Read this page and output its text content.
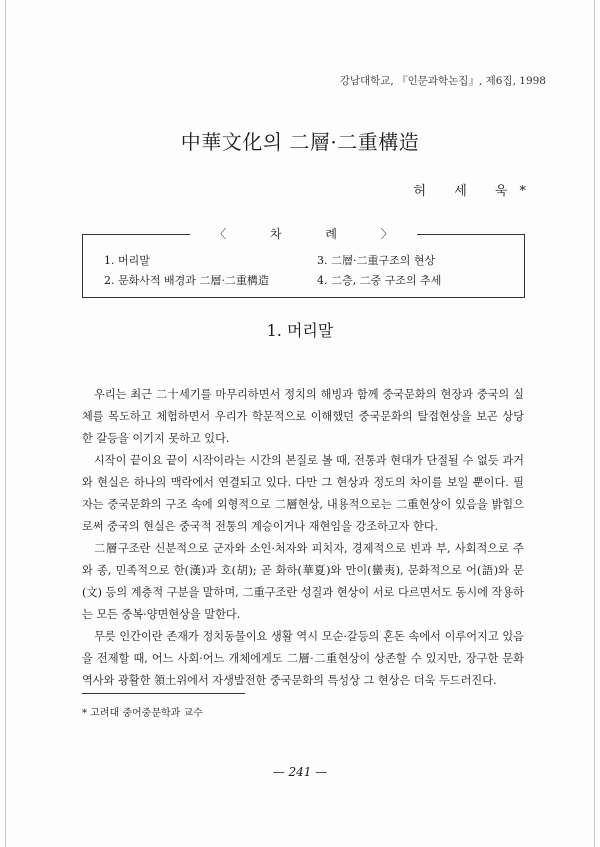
강남대학교, 『인문과학논집』, 제6집, 1998
中華文化의 二層·二重構造
허 세 욱*
〈 차 례 〉
1. 머리말	3. 二層·二重구조의 현상
2. 문화사적 배경과 二層·二重構造	4. 二층, 二중 구조의 추세
1. 머리말

우리는 최근 二十세기를 마무리하면서 정치의 해빙과 함께 중국문화의 현장과 중국의 실체를 목도하고 체험하면서 우리가 학문적으로 이해했던 중국문화의 탈접현상을 보곤 상당한 갈등을 이기지 못하고 있다.

시작이 끝이요 끝이 시작이라는 시간의 본질로 볼 때, 전통과 현대가 단절될 수 없듯 과거와 현실은 하나의 맥락에서 연결되고 있다. 다만 그 현상과 정도의 차이를 보일 뿐이다. 필자는 중국문화의 구조 속에 외형적으로 二層현상, 내용적으로는 二重현상이 있음을 밝힘으로써 중국의 현실은 중국적 전통의 계승이거나 재현임을 강조하고자 한다.

二層구조란 신분적으로 군자와 소인·처자와 피치자, 경제적으로 빈과 부, 사회적으로 주와 종, 민족적으로 한(漢)과 호(胡); 곧 화하(華夏)와 만이(蠻夷), 문화적으로 어(語)와 문(文) 등의 계층적 구분을 말하며, 二重구조란 성질과 현상이 서로 다르면서도 동시에 작용하는 모든 중복·양면현상을 말한다.

무릇 인간이란 존재가 정치동물이요 생활 역시 모순·갈등의 혼돈 속에서 이루어지고 있음을 전제할 때, 어느 사회·어느 개체에게도 二層·二重현상이 상존할 수 있지만, 장구한 문화 역사와 광활한 領土위에서 자생발전한 중국문화의 특성상 그 현상은 더욱 두드러진다.

* 고려대 중어중문학과 교수
— 241 —
